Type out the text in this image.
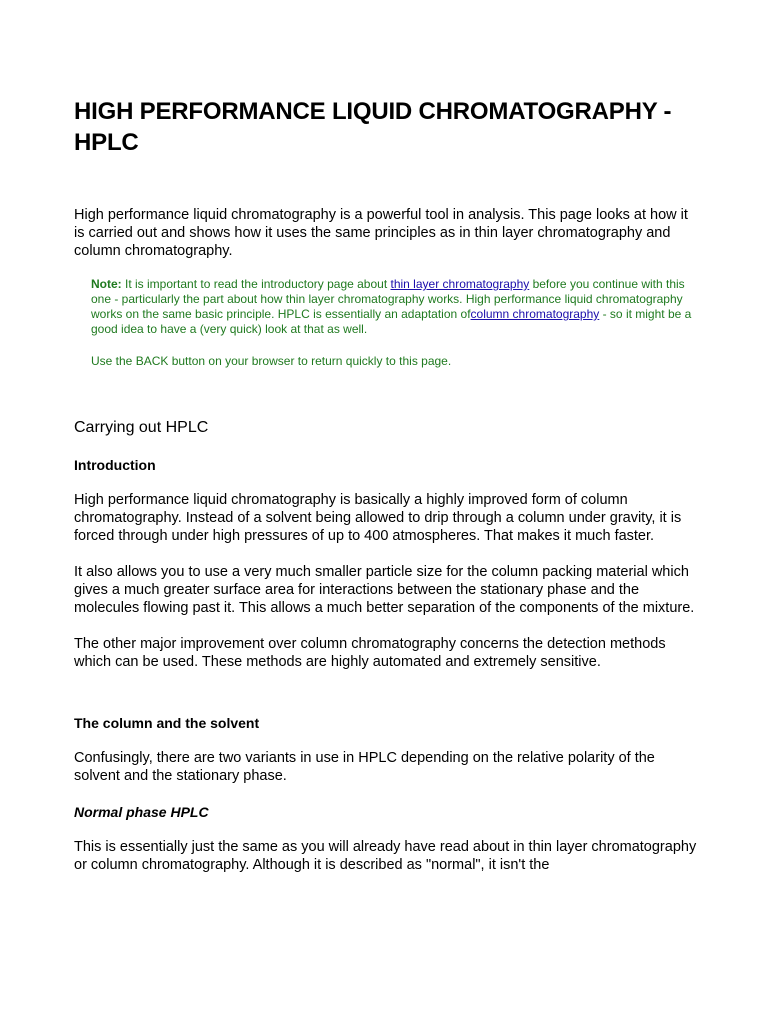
HIGH PERFORMANCE LIQUID CHROMATOGRAPHY -
HPLC

High performance liquid chromatography is a powerful tool in analysis. This page looks at how it is carried out and shows how it uses the same principles as in thin layer chromatography and column chromatography.

Note: It is important to read the introductory page about thin layer chromatography before you continue with this one - particularly the part about how thin layer chromatography works. High performance liquid chromatography works on the same basic principle. HPLC is essentially an adaptation ofcolumn chromatography - so it might be a good idea to have a (very quick) look at that as well.
Use the BACK button on your browser to return quickly to this page.
Carrying out HPLC
Introduction

High performance liquid chromatography is basically a highly improved form of column chromatography. Instead of a solvent being allowed to drip through a column under gravity, it is forced through under high pressures of up to 400 atmospheres. That makes it much faster.

It also allows you to use a very much smaller particle size for the column packing material which gives a much greater surface area for interactions between the stationary phase and the molecules flowing past it. This allows a much better separation of the components of the mixture.

The other major improvement over column chromatography concerns the detection methods which can be used. These methods are highly automated and extremely sensitive.

The column and the solvent

Confusingly, there are two variants in use in HPLC depending on the relative polarity of the solvent and the stationary phase.

Normal phase HPLC

This is essentially just the same as you will already have read about in thin layer chromatography or column chromatography. Although it is described as "normal", it isn't the
